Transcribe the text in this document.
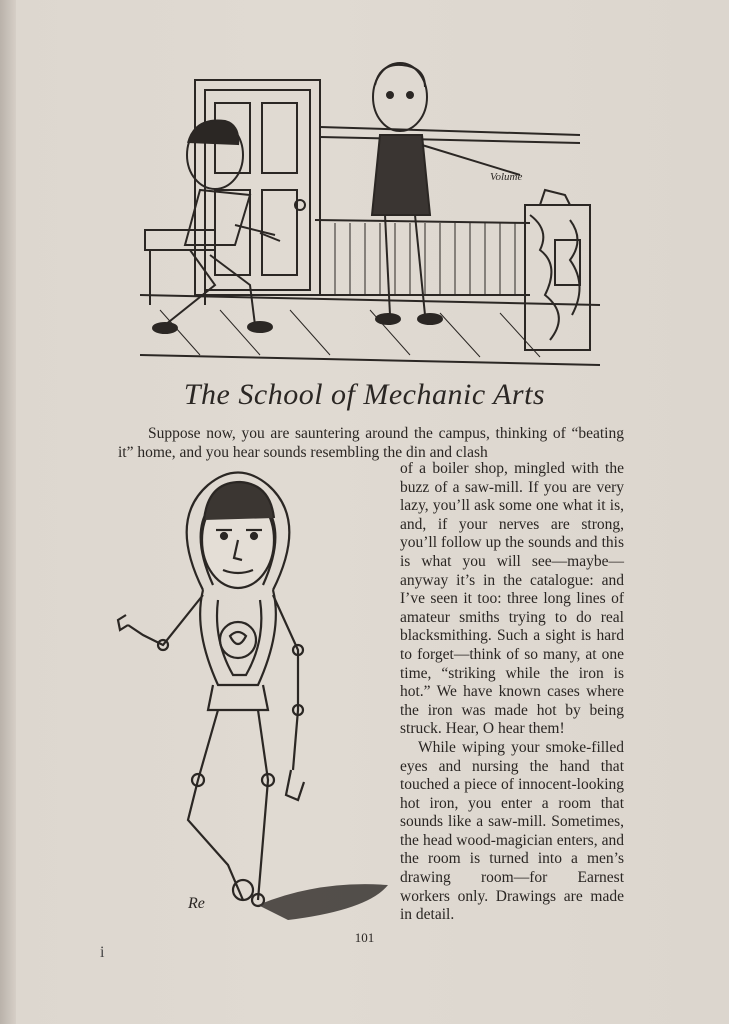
Volume
The School of Mechanic Arts
Suppose now, you are sauntering around the campus, thinking of “beating it” home, and you hear sounds resembling the din and clash
Re

of a boiler shop, mingled with the buzz of a saw-mill. If you are very lazy, you’ll ask some one what it is, and, if your nerves are strong, you’ll follow up the sounds and this is what you will see—maybe—anyway it’s in the catalogue: and I’ve seen it too: three long lines of amateur smiths trying to do real blacksmithing. Such a sight is hard to forget—think of so many, at one time, “striking while the iron is hot.” We have known cases where the iron was made hot by being struck. Hear, O hear them!

While wiping your smoke-filled eyes and nursing the hand that touched a piece of innocent-looking hot iron, you enter a room that sounds like a saw-mill. Sometimes, the head wood-magician enters, and the room is turned into a men’s drawing room—for Earnest workers only. Drawings are made in detail.

101
i
